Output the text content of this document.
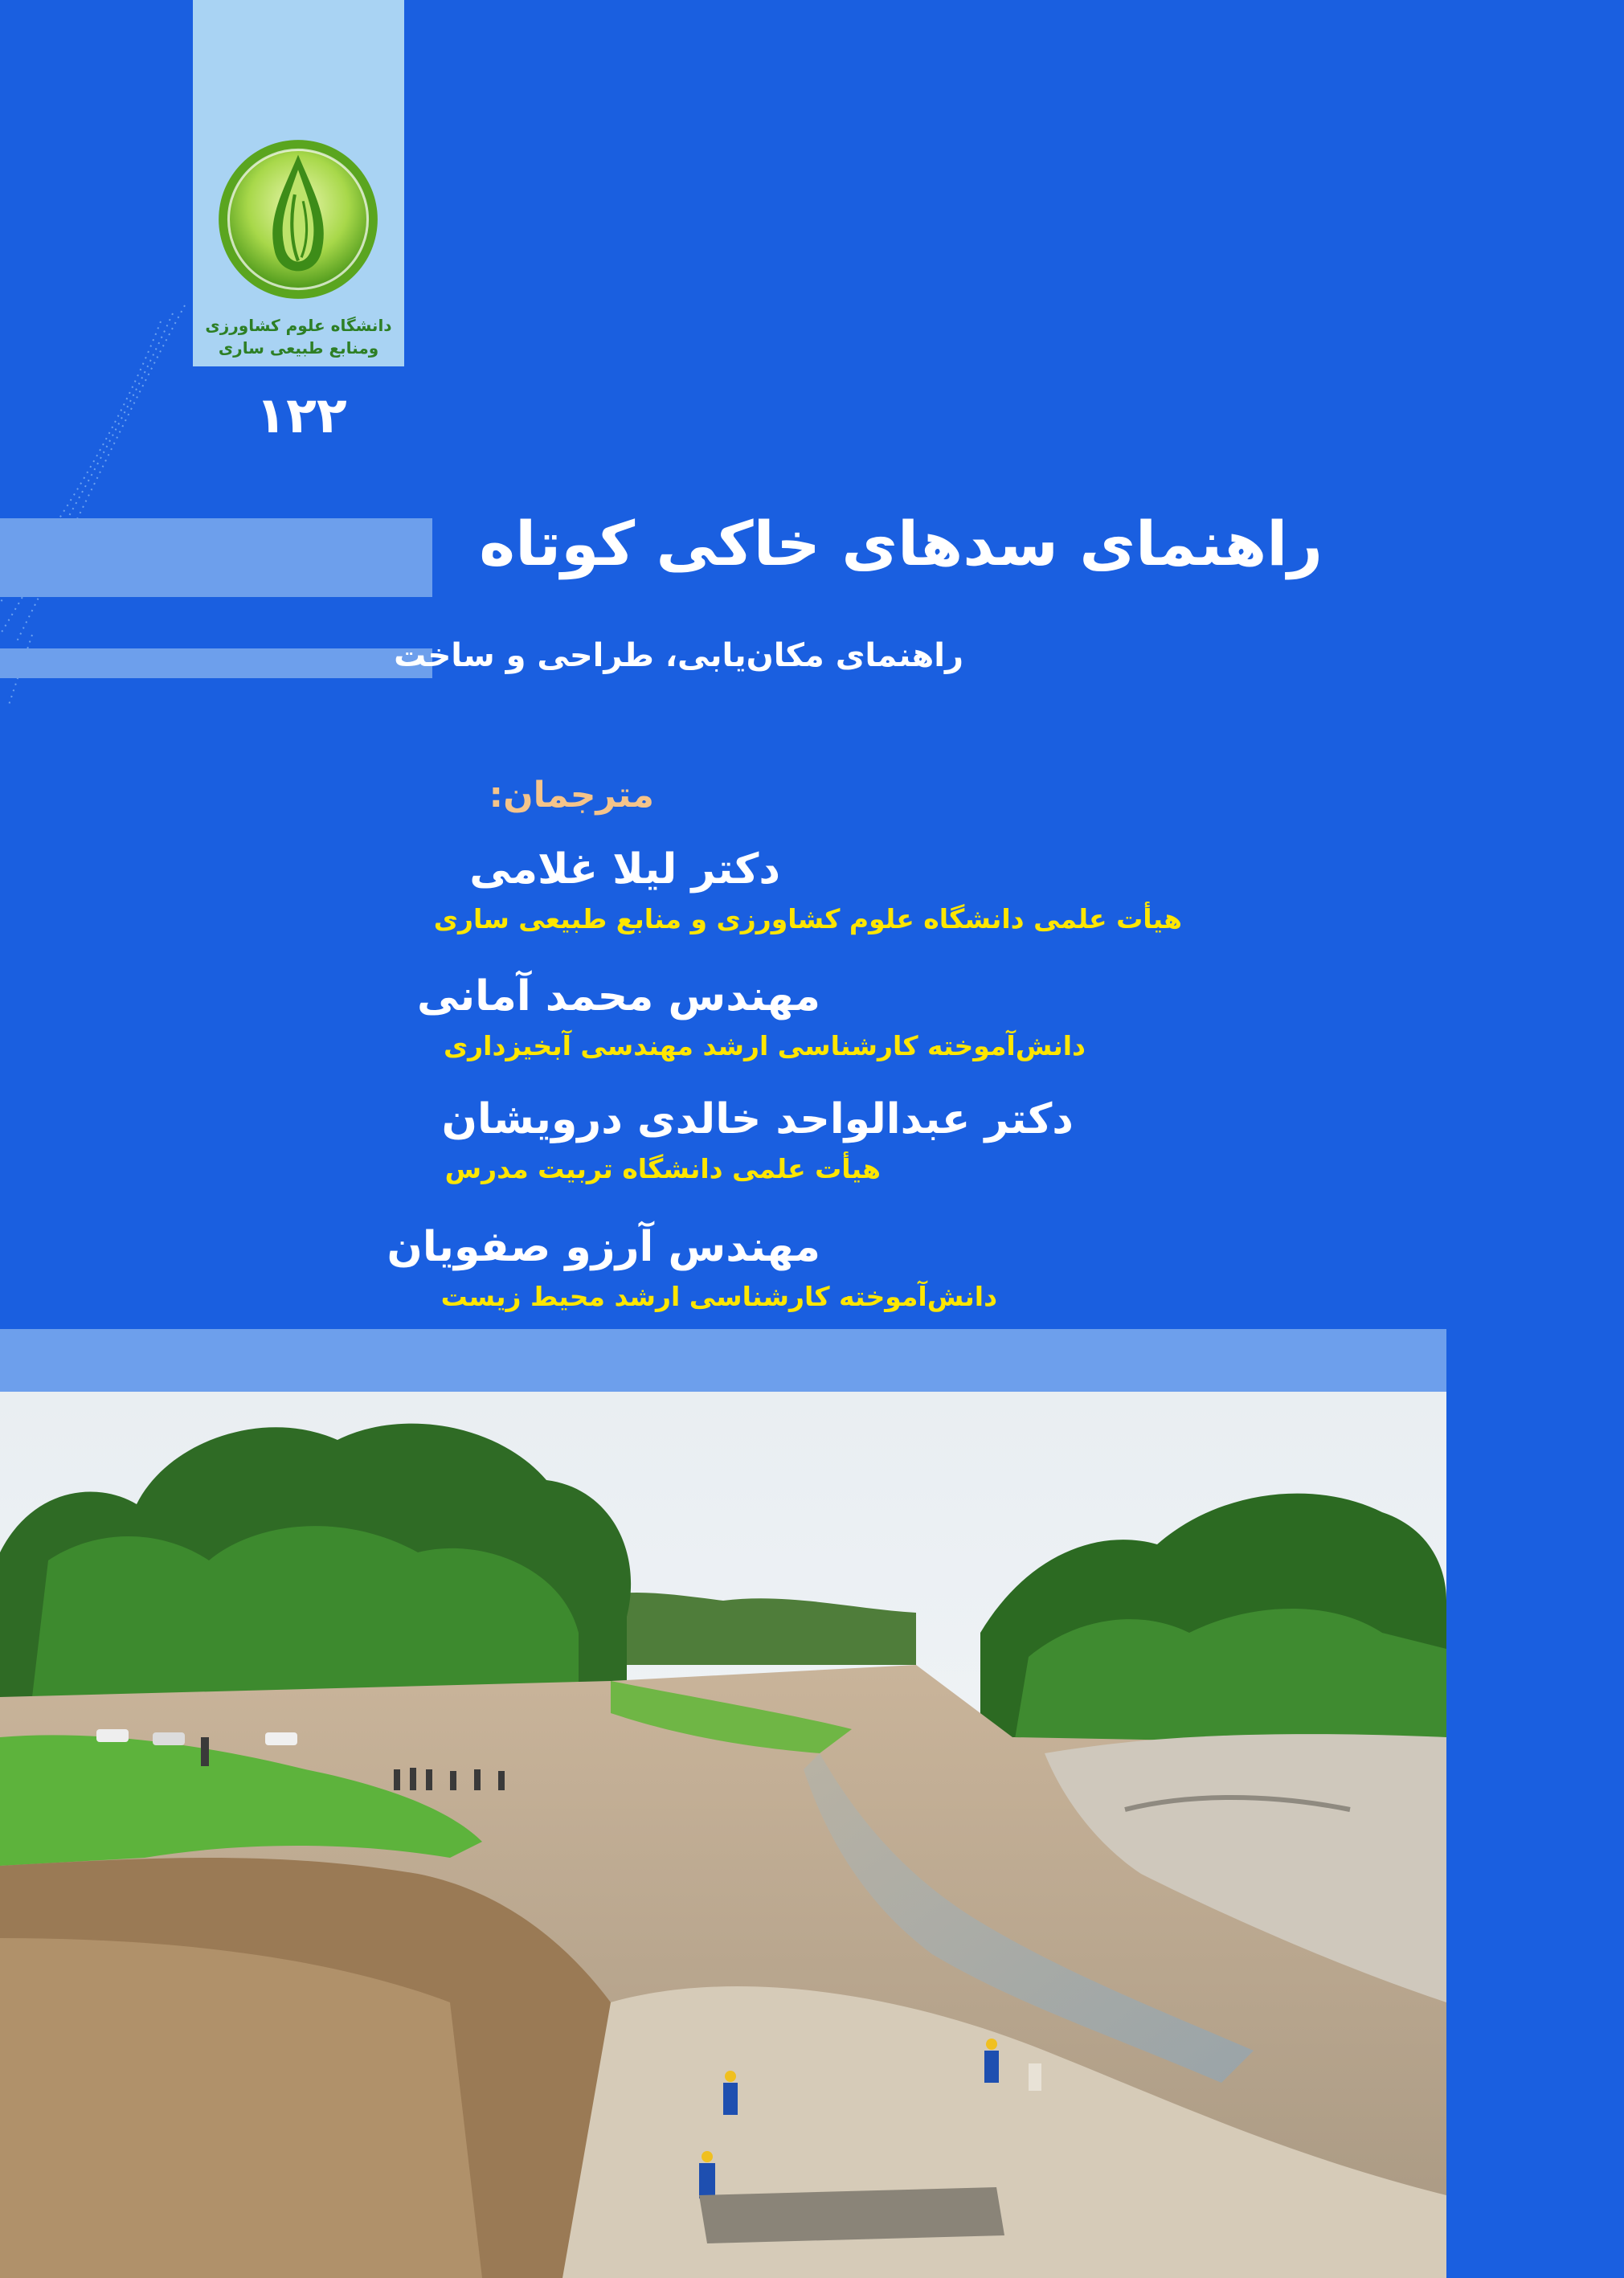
دانشگاه علوم کشاورزی
ومنابع طبیعی ساری
۱۲۲
راهنمای سدهای خاکی کوتاه
راهنمای مکان‌یابی، طراحی و ساخت
مترجمان:
دکتر لیلا غلامی
هیأت علمی دانشگاه علوم کشاورزی و منابع طبیعی ساری
مهندس محمد آمانی
دانش‌آموخته کارشناسی ارشد مهندسی آبخیزداری
دکتر عبدالواحد خالدی درویشان
هیأت علمی دانشگاه تربیت مدرس
مهندس آرزو صفویان
دانش‌آموخته کارشناسی ارشد محیط زیست
